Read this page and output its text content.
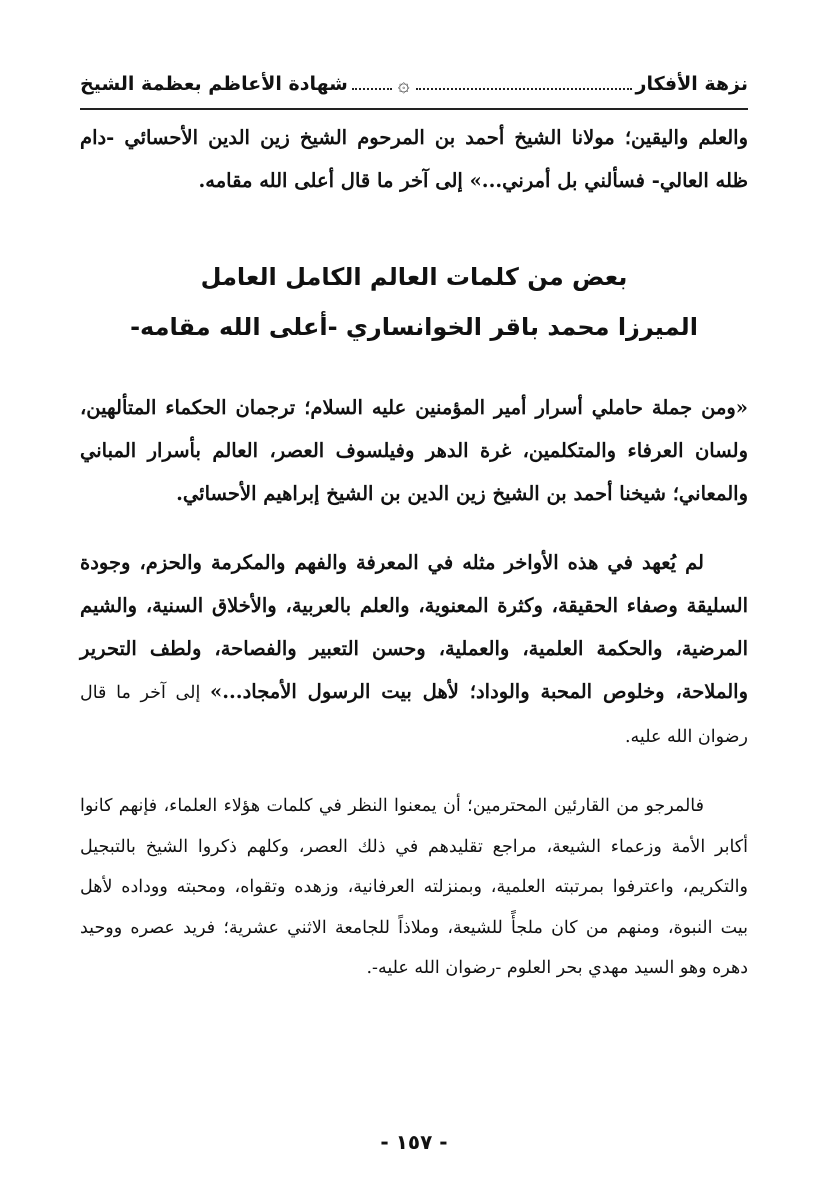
نزهة الأفكار
۞
شهادة الأعاظم بعظمة الشيخ

والعلم واليقين؛ مولانا الشيخ أحمد بن المرحوم الشيخ زين الدين الأحسائي -دام ظله العالي- فسألني بل أمرني...» إلى آخر ما قال أعلى الله مقامه.

بعض من كلمات العالم الكامل العامل
الميرزا محمد باقر الخوانساري -أعلى الله مقامه-

«ومن جملة حاملي أسرار أمير المؤمنين عليه السلام؛ ترجمان الحكماء المتألهين، ولسان العرفاء والمتكلمين، غرة الدهر وفيلسوف العصر، العالم بأسرار المباني والمعاني؛ شيخنا أحمد بن الشيخ زين الدين بن الشيخ إبراهيم الأحسائي.

لم يُعهد في هذه الأواخر مثله في المعرفة والفهم والمكرمة والحزم، وجودة السليقة وصفاء الحقيقة، وكثرة المعنوية، والعلم بالعربية، والأخلاق السنية، والشيم المرضية، والحكمة العلمية، والعملية، وحسن التعبير والفصاحة، ولطف التحرير والملاحة، وخلوص المحبة والوداد؛ لأهل بيت الرسول الأمجاد...» إلى آخر ما قال رضوان الله عليه.

فالمرجو من القارئين المحترمين؛ أن يمعنوا النظر في كلمات هؤلاء العلماء، فإنهم كانوا أكابر الأمة وزعماء الشيعة، مراجع تقليدهم في ذلك العصر، وكلهم ذكروا الشيخ بالتبجيل والتكريم، واعترفوا بمرتبته العلمية، وبمنزلته العرفانية، وزهده وتقواه، ومحبته ووداده لأهل بيت النبوة، ومنهم من كان ملجأً للشيعة، وملاذاً للجامعة الاثني عشرية؛ فريد عصره ووحيد دهره وهو السيد مهدي بحر العلوم -رضوان الله عليه-.

- ١٥٧ -
